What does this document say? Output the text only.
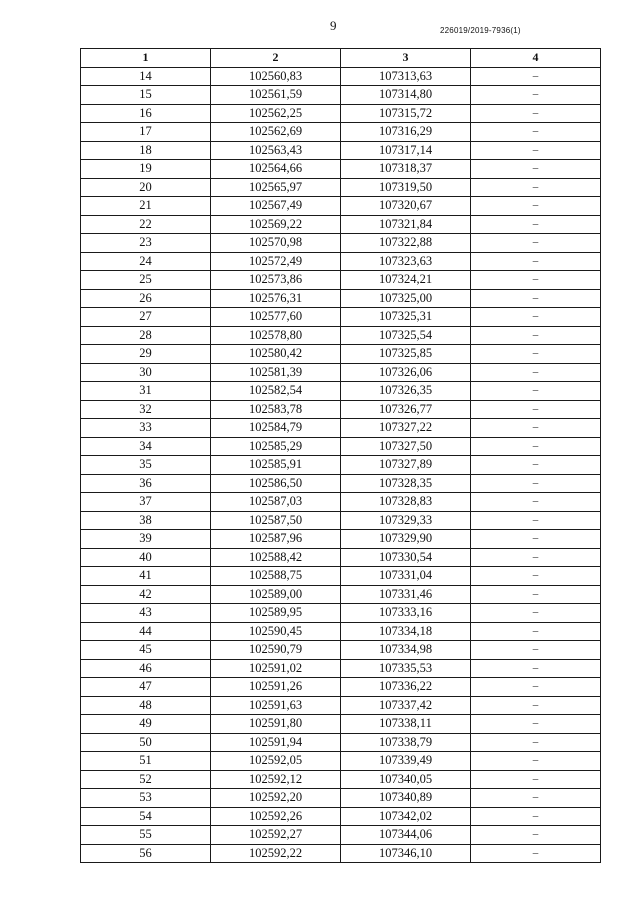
9	226019/2019-7936(1)
1	2	3	4
14	102560,83	107313,63	–
15	102561,59	107314,80	–
16	102562,25	107315,72	–
17	102562,69	107316,29	–
18	102563,43	107317,14	–
19	102564,66	107318,37	–
20	102565,97	107319,50	–
21	102567,49	107320,67	–
22	102569,22	107321,84	–
23	102570,98	107322,88	–
24	102572,49	107323,63	–
25	102573,86	107324,21	–
26	102576,31	107325,00	–
27	102577,60	107325,31	–
28	102578,80	107325,54	–
29	102580,42	107325,85	–
30	102581,39	107326,06	–
31	102582,54	107326,35	–
32	102583,78	107326,77	–
33	102584,79	107327,22	–
34	102585,29	107327,50	–
35	102585,91	107327,89	–
36	102586,50	107328,35	–
37	102587,03	107328,83	–
38	102587,50	107329,33	–
39	102587,96	107329,90	–
40	102588,42	107330,54	–
41	102588,75	107331,04	–
42	102589,00	107331,46	–
43	102589,95	107333,16	–
44	102590,45	107334,18	–
45	102590,79	107334,98	–
46	102591,02	107335,53	–
47	102591,26	107336,22	–
48	102591,63	107337,42	–
49	102591,80	107338,11	–
50	102591,94	107338,79	–
51	102592,05	107339,49	–
52	102592,12	107340,05	–
53	102592,20	107340,89	–
54	102592,26	107342,02	–
55	102592,27	107344,06	–
56	102592,22	107346,10	–
